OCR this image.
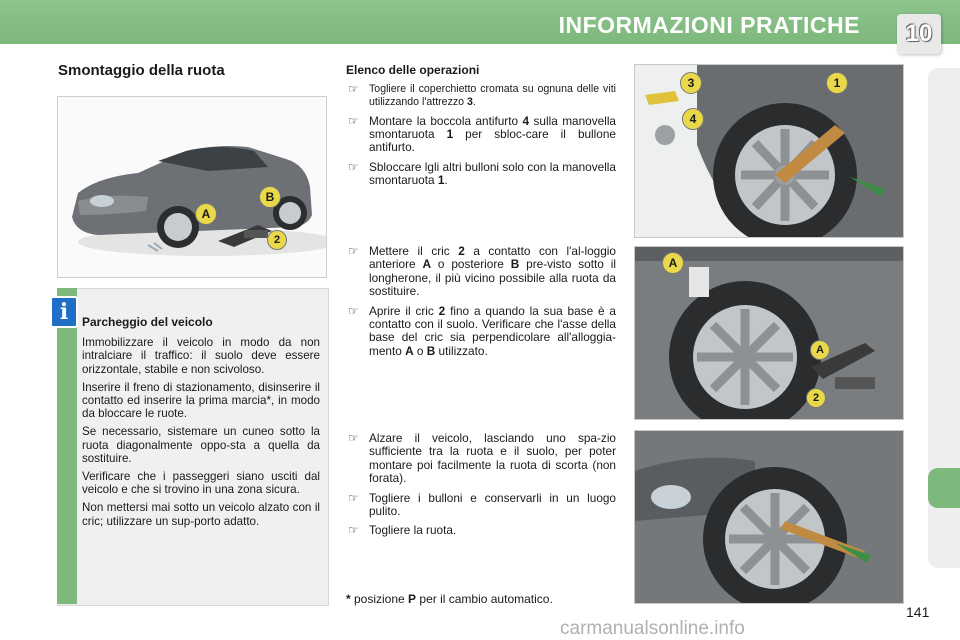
INFORMAZIONI PRATICHE 10
Smontaggio della ruota
A
B
2
i	Parcheggio del veicolo

Immobilizzare il veicolo in modo da non intralciare il traffico: il suolo deve essere orizzontale, stabile e non scivoloso.

Inserire il freno di stazionamento, disinserire il contatto ed inserire la prima marcia*, in modo da bloccare le ruote.

Se necessario, sistemare un cuneo sotto la ruota diagonalmente oppo-sta a quella da sostituire.

Verificare che i passeggeri siano usciti dal veicolo e che si trovino in una zona sicura.

Non mettersi mai sotto un veicolo alzato con il cric; utilizzare un sup-porto adatto.

Elenco delle operazioni
☞ Togliere il coperchietto cromata su ognuna delle viti utilizzando l'attrezzo 3.
☞ Montare la boccola antifurto 4 sulla manovella smontaruota 1 per sbloc-care il bullone antifurto.
☞ Sbloccare lgli altri bulloni solo con la manovella smontaruota 1.
☞ Mettere il cric 2 a contatto con l'al-loggio anteriore A o posteriore B pre-visto sotto il longherone, il più vicino possibile alla ruota da sostituire.
☞ Aprire il cric 2 fino a quando la sua base è a contatto con il suolo. Verificare che l'asse della base del cric sia perpendicolare all'alloggia-mento A o B utilizzato.
☞ Alzare il veicolo, lasciando uno spa-zio sufficiente tra la ruota e il suolo, per poter montare poi facilmente la ruota di scorta (non forata).
☞ Togliere i bulloni e conservarli in un luogo pulito.
☞ Togliere la ruota.
* posizione P per il cambio automatico.
1
3
4
A
A
2
141
carmanualsonline.info
